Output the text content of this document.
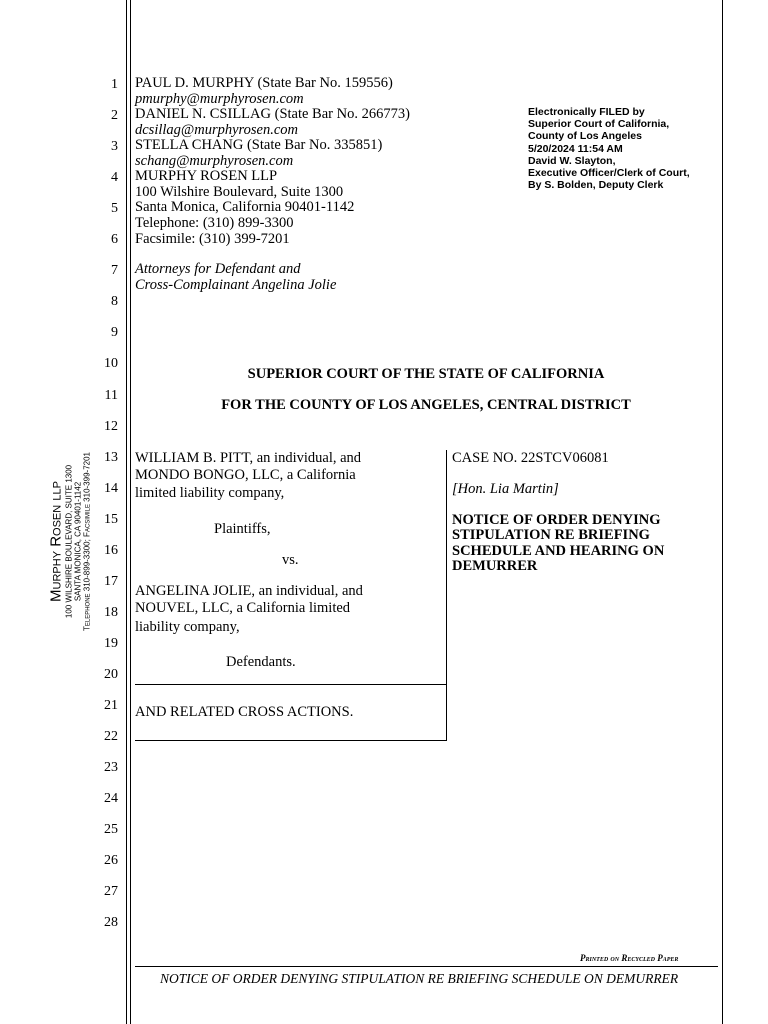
1
2
3
4
5
6
7
8
9
10
11
12
13
14
15
16
17
18
19
20
21
22
23
24
25
26
27
28
PAUL D. MURPHY (State Bar No. 159556)
pmurphy@murphyrosen.com
DANIEL N. CSILLAG (State Bar No. 266773)
dcsillag@murphyrosen.com
STELLA CHANG (State Bar No. 335851)
schang@murphyrosen.com
MURPHY ROSEN LLP
100 Wilshire Boulevard, Suite 1300
Santa Monica, California 90401-1142
Telephone: (310) 899-3300
Facsimile: (310) 399-7201
Attorneys for Defendant and
Cross-Complainant Angelina Jolie
Electronically FILED by
Superior Court of California,
County of Los Angeles
5/20/2024 11:54 AM
David W. Slayton,
Executive Officer/Clerk of Court,
By S. Bolden, Deputy Clerk
SUPERIOR COURT OF THE STATE OF CALIFORNIA
FOR THE COUNTY OF LOS ANGELES, CENTRAL DISTRICT
WILLIAM B. PITT, an individual, and
MONDO BONGO, LLC, a California
limited liability company,
Plaintiffs,
vs.
ANGELINA JOLIE, an individual, and
NOUVEL, LLC, a California limited
liability company,
Defendants.
AND RELATED CROSS ACTIONS.
CASE NO. 22STCV06081
[Hon. Lia Martin]
NOTICE OF ORDER DENYING
STIPULATION RE BRIEFING
SCHEDULE AND HEARING ON
DEMURRER
Murphy Rosen llp 100 WILSHIRE BOULEVARD, SUITE 1300 SANTA MONICA, CA 90401-1142 Telephone 310-899-3300; Facsimile 310-399-7201
Printed on Recycled Paper
NOTICE OF ORDER DENYING STIPULATION RE BRIEFING SCHEDULE ON DEMURRER
